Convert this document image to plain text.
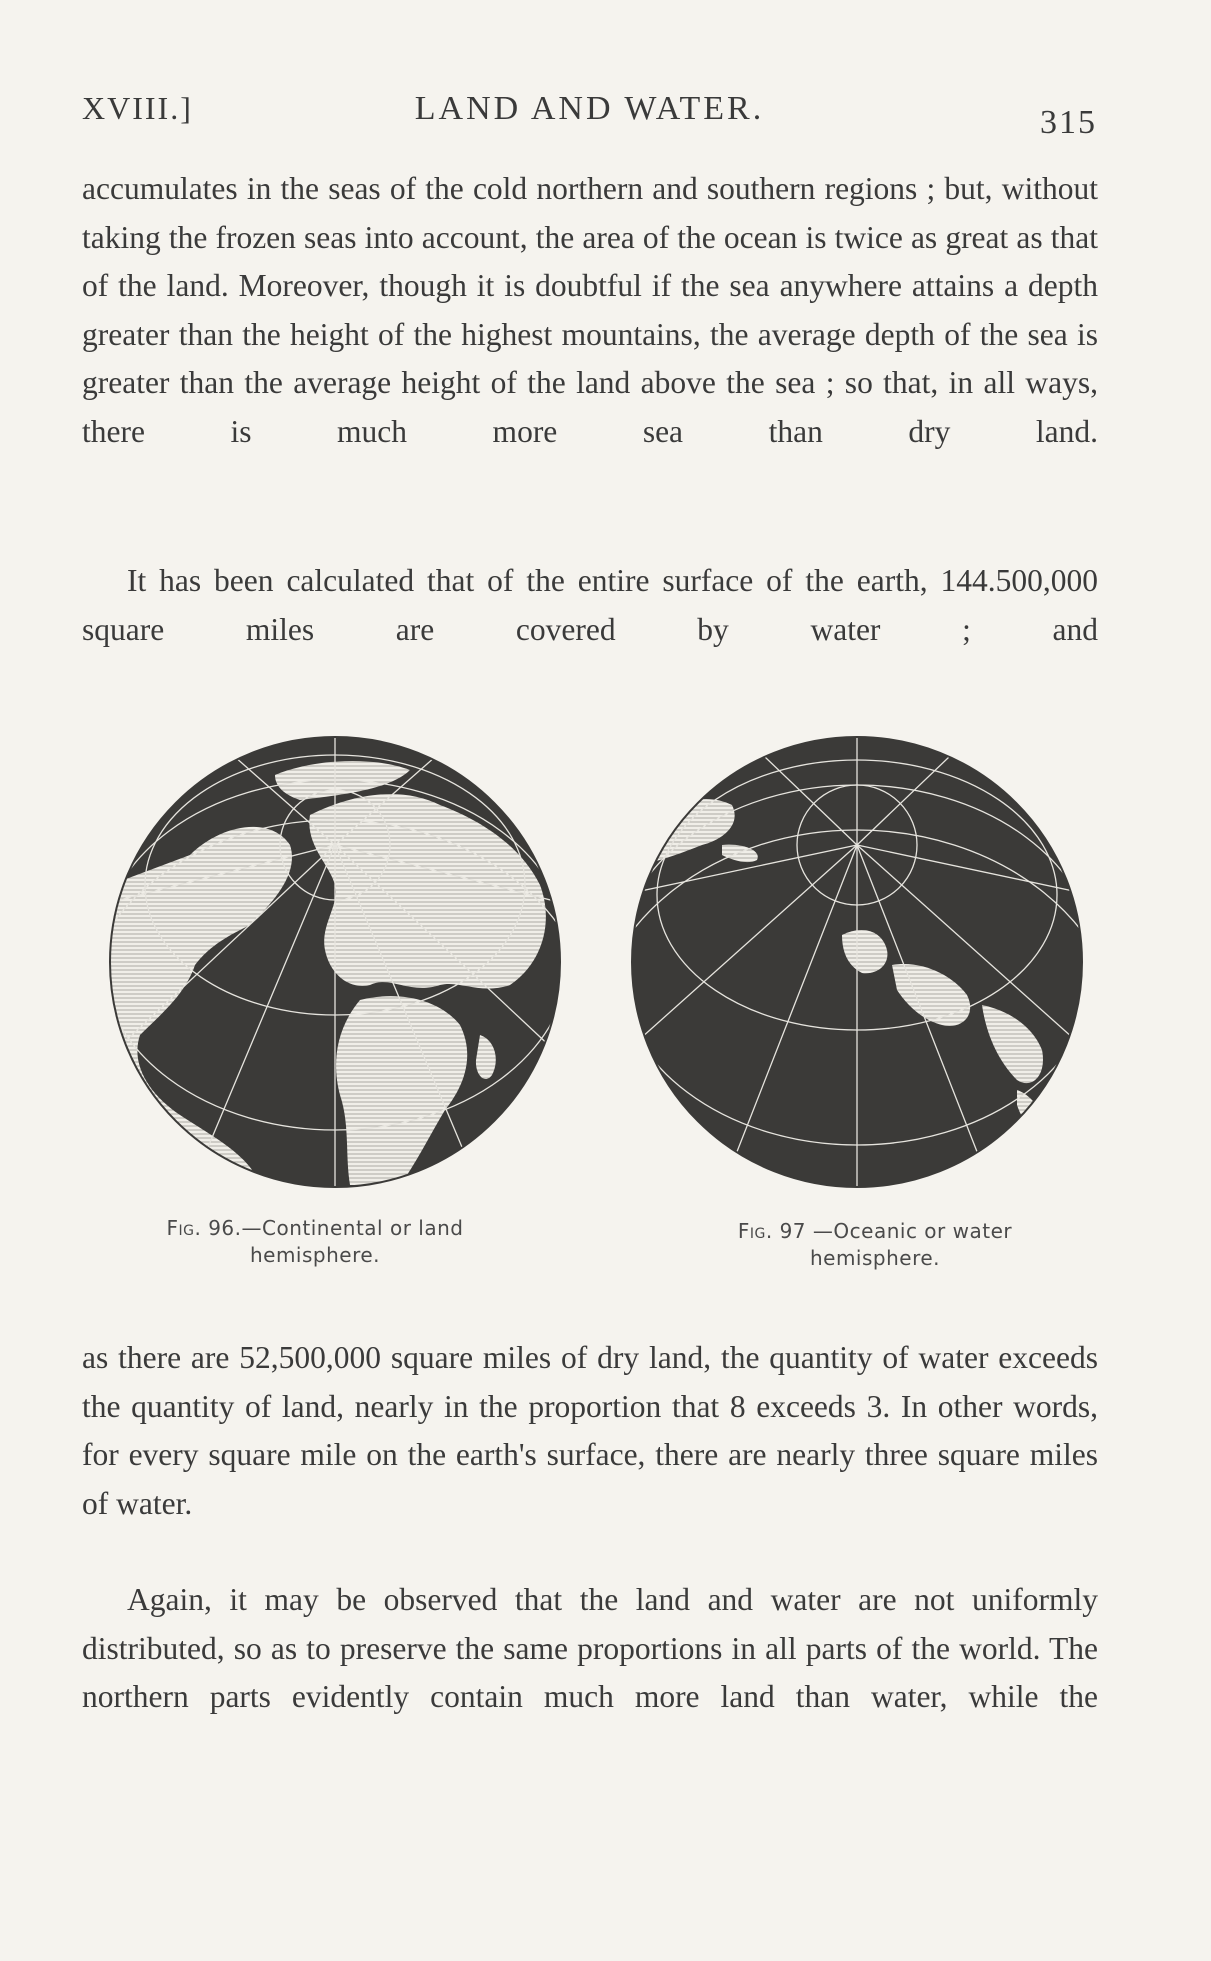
XVIII.]	LAND AND WATER.	315

accumulates in the seas of the cold northern and southern regions ; but, without taking the frozen seas into account, the area of the ocean is twice as great as that of the land. Moreover, though it is doubtful if the sea anywhere attains a depth greater than the height of the highest mountains, the average depth of the sea is greater than the average height of the land above the sea ; so that, in all ways, there is much more sea than dry land.

It has been calculated that of the entire surface of the earth, 144.500,000 square miles are covered by water ; and

Fig. 96.—Continental or land
hemisphere.
Fig. 97 —Oceanic or water
hemisphere.

as there are 52,500,000 square miles of dry land, the quantity of water exceeds the quantity of land, nearly in the proportion that 8 exceeds 3. In other words, for every square mile on the earth's surface, there are nearly three square miles of water.

Again, it may be observed that the land and water are not uniformly distributed, so as to preserve the same proportions in all parts of the world. The northern parts evidently contain much more land than water, while the
